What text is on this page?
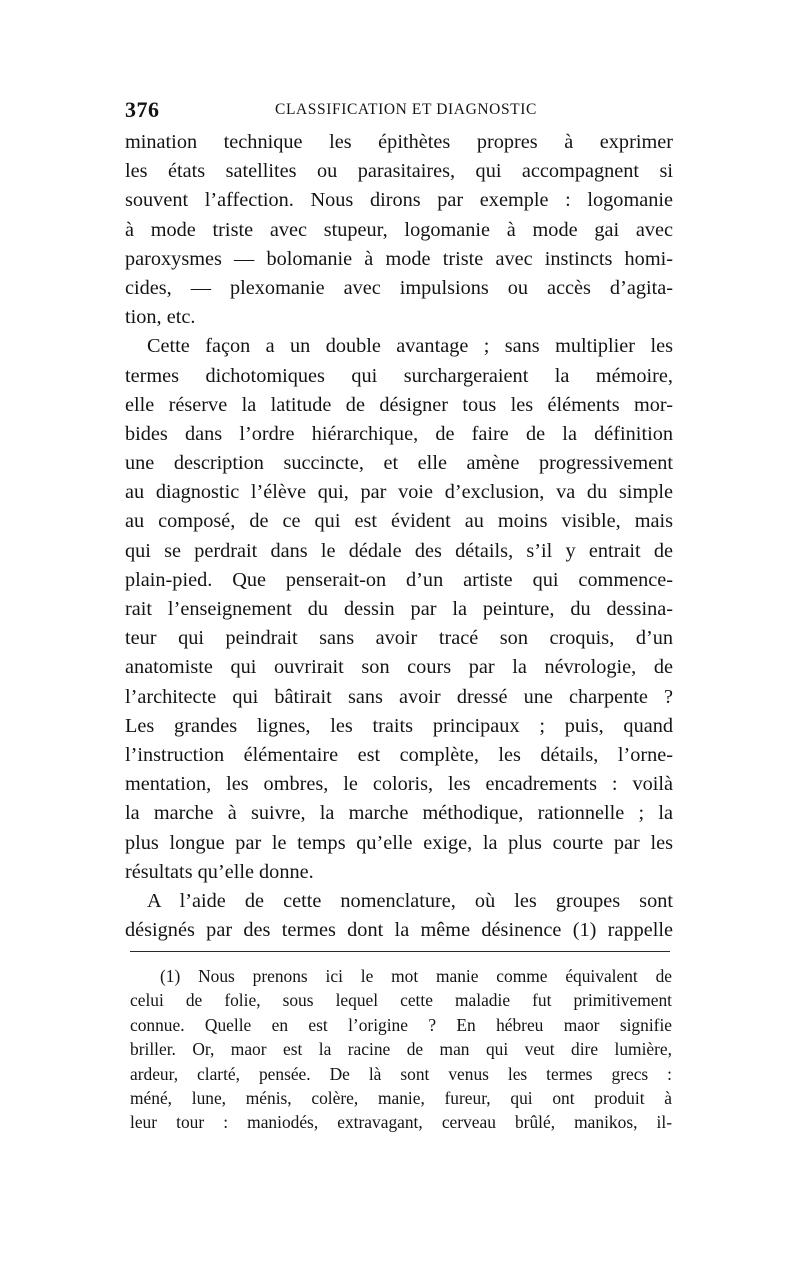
376	CLASSIFICATION ET DIAGNOSTIC
mination technique les épithètes propres à exprimer
les états satellites ou parasitaires, qui accompagnent si
souvent l’affection. Nous dirons par exemple : logomanie
à mode triste avec stupeur, logomanie à mode gai avec
paroxysmes — bolomanie à mode triste avec instincts homi-
cides, — plexomanie avec impulsions ou accès d’agita-
tion, etc.
Cette façon a un double avantage ; sans multiplier les
termes dichotomiques qui surchargeraient la mémoire,
elle réserve la latitude de désigner tous les éléments mor-
bides dans l’ordre hiérarchique, de faire de la définition
une description succincte, et elle amène progressivement
au diagnostic l’élève qui, par voie d’exclusion, va du simple
au composé, de ce qui est évident au moins visible, mais
qui se perdrait dans le dédale des détails, s’il y entrait de
plain-pied. Que penserait-on d’un artiste qui commence-
rait l’enseignement du dessin par la peinture, du dessina-
teur qui peindrait sans avoir tracé son croquis, d’un
anatomiste qui ouvrirait son cours par la névrologie, de
l’architecte qui bâtirait sans avoir dressé une charpente ?
Les grandes lignes, les traits principaux ; puis, quand
l’instruction élémentaire est complète, les détails, l’orne-
mentation, les ombres, le coloris, les encadrements : voilà
la marche à suivre, la marche méthodique, rationnelle ; la
plus longue par le temps qu’elle exige, la plus courte par les
résultats qu’elle donne.
A l’aide de cette nomenclature, où les groupes sont
désignés par des termes dont la même désinence (1) rappelle
(1) Nous prenons ici le mot manie comme équivalent de
celui de folie, sous lequel cette maladie fut primitivement
connue. Quelle en est l’origine ? En hébreu maor signifie
briller. Or, maor est la racine de man qui veut dire lumière,
ardeur, clarté, pensée. De là sont venus les termes grecs :
méné, lune, ménis, colère, manie, fureur, qui ont produit à
leur tour : maniodés, extravagant, cerveau brûlé, manikos, il-
